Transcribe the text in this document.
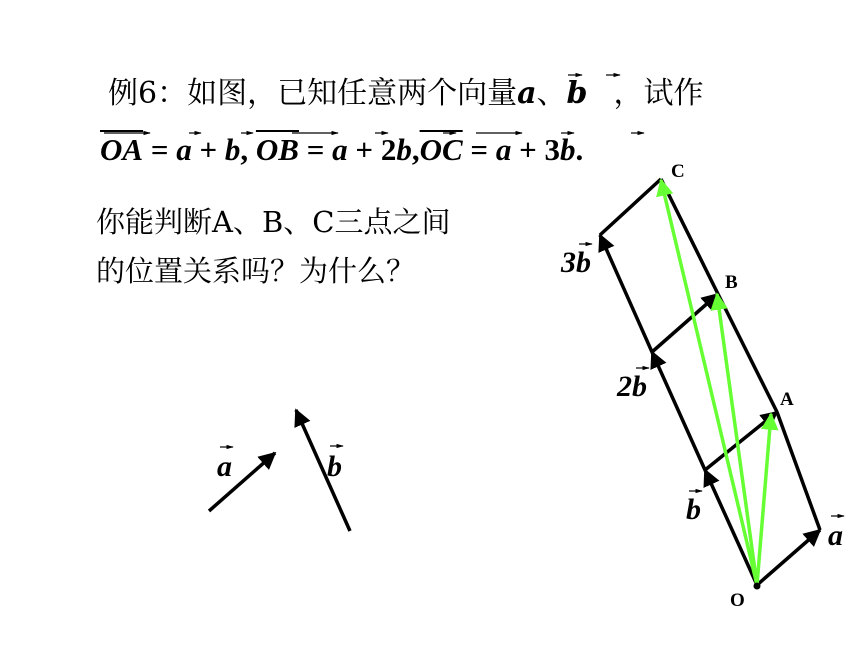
例6：如图，已知任意两个向量a、b ，试作
$\overline{OA} = a + b$, $\overline{OB} = a + 2b,\overline{OC} = a + 3b$.
你能判断A、B、C三点之间的位置关系吗？为什么？
a	b
O
A
B
C
a
b
2b
3b
